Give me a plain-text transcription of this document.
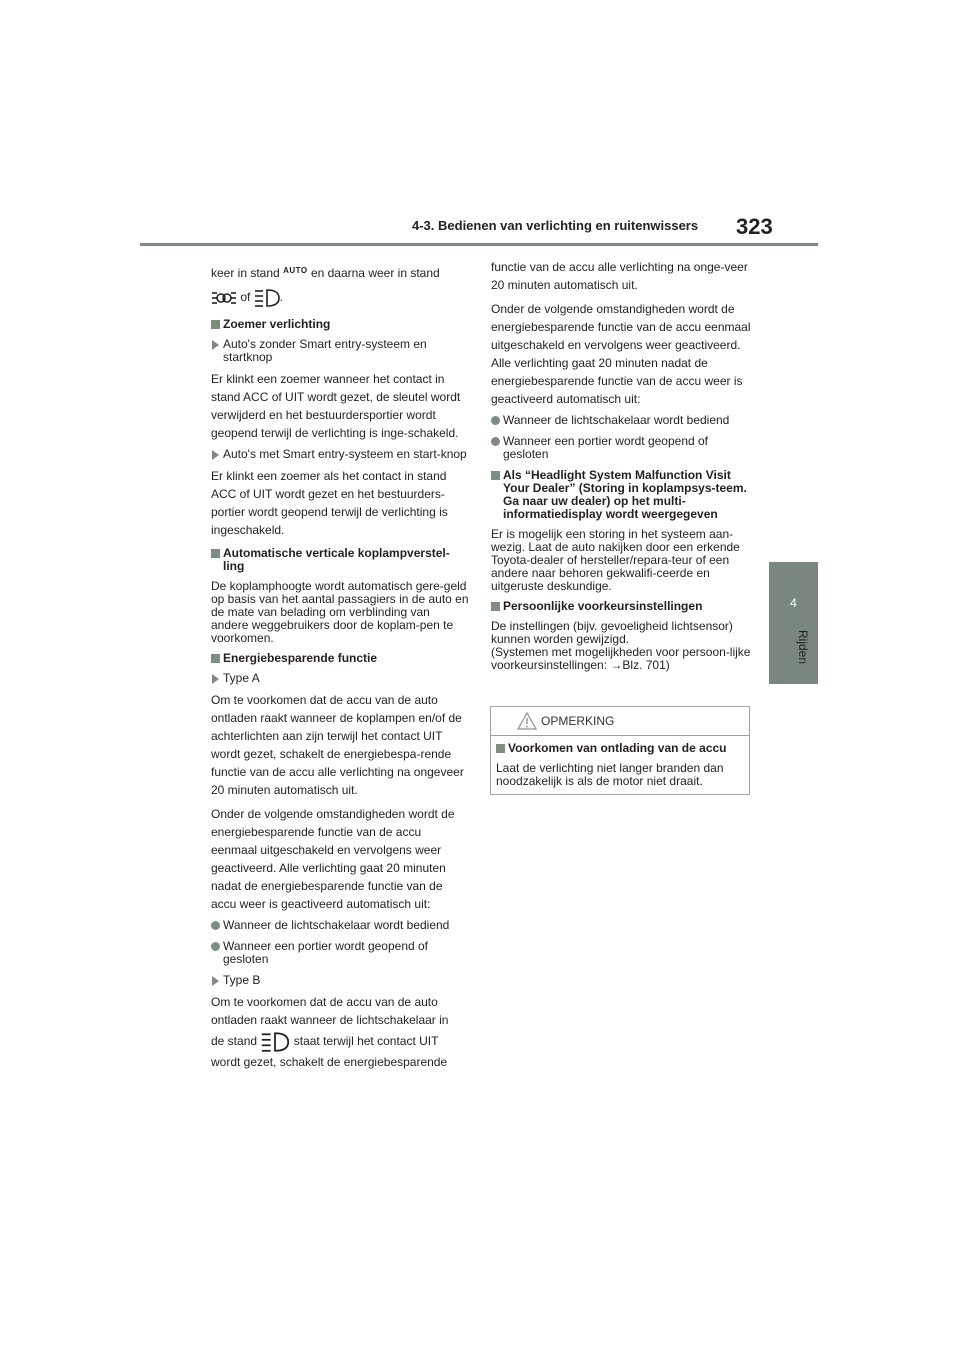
4-3. Bedienen van verlichting en ruitenwissers 323
4
Rijden

keer in stand $^{AUTO}$ en daarna weer in stand

of .

Zoemer verlichting
Auto's zonder Smart entry-systeem en startknop

Er klinkt een zoemer wanneer het contact in stand ACC of UIT wordt gezet, de sleutel wordt verwijderd en het bestuurdersportier wordt geopend terwijl de verlichting is inge-schakeld.

Auto's met Smart entry-systeem en start-knop

Er klinkt een zoemer als het contact in stand ACC of UIT wordt gezet en het bestuurders-portier wordt geopend terwijl de verlichting is ingeschakeld.

Automatische verticale koplampverstel-ling

De koplamphoogte wordt automatisch gere-geld op basis van het aantal passagiers in de auto en de mate van belading om verblinding van andere weggebruikers door de koplam-pen te voorkomen.

Energiebesparende functie
Type A

Om te voorkomen dat de accu van de auto ontladen raakt wanneer de koplampen en/of de achterlichten aan zijn terwijl het contact UIT wordt gezet, schakelt de energiebespa-rende functie van de accu alle verlichting na ongeveer 20 minuten automatisch uit.

Onder de volgende omstandigheden wordt de energiebesparende functie van de accu eenmaal uitgeschakeld en vervolgens weer geactiveerd. Alle verlichting gaat 20 minuten nadat de energiebesparende functie van de accu weer is geactiveerd automatisch uit:

Wanneer de lichtschakelaar wordt bediend
Wanneer een portier wordt geopend of gesloten
Type B

Om te voorkomen dat de accu van de auto ontladen raakt wanneer de lichtschakelaar in

de stand	staat terwijl het contact UIT

wordt gezet, schakelt de energiebesparende

functie van de accu alle verlichting na onge-veer 20 minuten automatisch uit.

Onder de volgende omstandigheden wordt de energiebesparende functie van de accu eenmaal uitgeschakeld en vervolgens weer geactiveerd. Alle verlichting gaat 20 minuten nadat de energiebesparende functie van de accu weer is geactiveerd automatisch uit:

Wanneer de lichtschakelaar wordt bediend
Wanneer een portier wordt geopend of gesloten
Als “Headlight System Malfunction Visit Your Dealer” (Storing in koplampsys-teem. Ga naar uw dealer) op het multi-informatiedisplay wordt weergegeven

Er is mogelijk een storing in het systeem aan-wezig. Laat de auto nakijken door een erkende Toyota-dealer of hersteller/repara-teur of een andere naar behoren gekwalifi-ceerde en uitgeruste deskundige.

Persoonlijke voorkeursinstellingen

De instellingen (bijv. gevoeligheid lichtsensor) kunnen worden gewijzigd.

(Systemen met mogelijkheden voor persoon-lijke voorkeursinstellingen: →Blz. 701)

OPMERKING
Voorkomen van ontlading van de accu

Laat de verlichting niet langer branden dan noodzakelijk is als de motor niet draait.
